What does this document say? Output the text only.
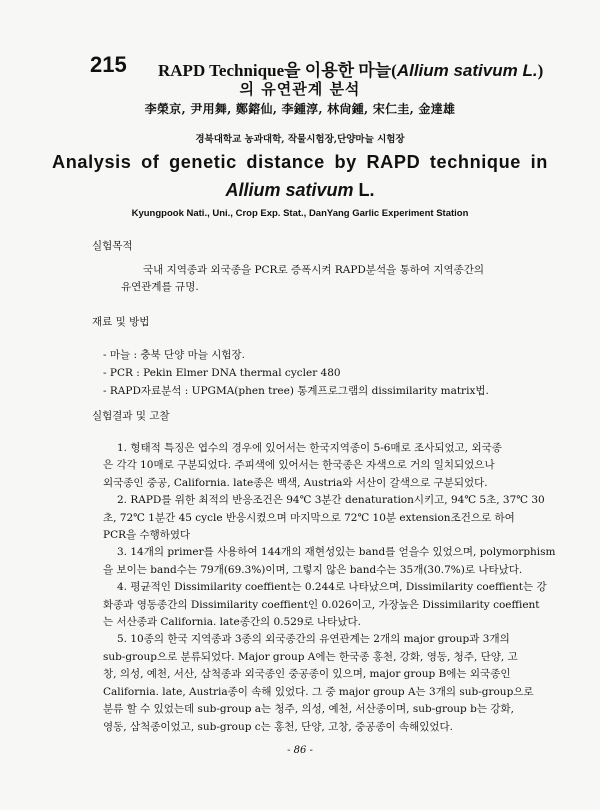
215 RAPD Technique을 이용한 마늘(Allium sativum L.)
의 유연관계 분석
李榮京, 尹用舞, 鄭鎔仙, 李鍾淳, 林尙鍾, 宋仁圭, 金達雄
경북대학교 농과대학, 작물시험장,단양마늘 시험장
Analysis of genetic distance by RAPD technique in
Allium sativum L.
Kyungpook Nati., Uni., Crop Exp. Stat., DanYang Garlic Experiment Station
실험목적
국내 지역종과 외국종을 PCR로 증폭시켜 RAPD분석을 통하여 지역종간의
유연관계를 규명.
재료 및 방법
- 마늘 : 충북 단양 마늘 시험장.
- PCR : Pekin Elmer DNA thermal cycler 480
- RAPD자료분석 : UPGMA(phen tree) 통계프로그램의 dissimilarity matrix법.
실험결과 및 고찰
1. 형태적 특징은 엽수의 경우에 있어서는 한국지역종이 5-6매로 조사되었고, 외국종
은 각각 10매로 구분되었다. 주피색에 있어서는 한국종은 자색으로 거의 일치되었으나
외국종인 중공, California. late종은 백색, Austria와 서산이 갈색으로 구분되었다.
2. RAPD를 위한 최적의 반응조건은 94℃ 3분간 denaturation시키고, 94℃ 5초, 37℃ 30
초, 72℃ 1분간 45 cycle 반응시켰으며 마지막으로 72℃ 10분 extension조건으로 하여
PCR을 수행하였다
3. 14개의 primer를 사용하여 144개의 재현성있는 band를 얻을수 있었으며, polymorphism
을 보이는 band수는 79개(69.3%)이며, 그렇지 않은 band수는 35개(30.7%)로 나타났다.
4. 평균적인 Dissimilarity coeffient는 0.244로 나타났으며, Dissimilarity coeffient는 강
화종과 영동종간의 Dissimilarity coeffient인 0.026이고, 가장높은 Dissimilarity coeffient
는 서산종과 California. late종간의 0.529로 나타났다.
5. 10종의 한국 지역종과 3종의 외국종간의 유연관계는 2개의 major group과 3개의
sub-group으로 분류되었다. Major group A에는 한국종 홍천, 강화, 영동, 청주, 단양, 고
창, 의성, 예천, 서산, 삼척종과 외국종인 중공종이 있으며, major group B에는 외국종인
California. late, Austria종이 속해 있었다. 그 중 major group A는 3개의 sub-group으로
분류 할 수 있었는데 sub-group a는 청주, 의성, 예천, 서산종이며, sub-group b는 강화,
영동, 삼척종이었고, sub-group c는 홍천, 단양, 고창, 중공종이 속해있었다.
- 86 -
